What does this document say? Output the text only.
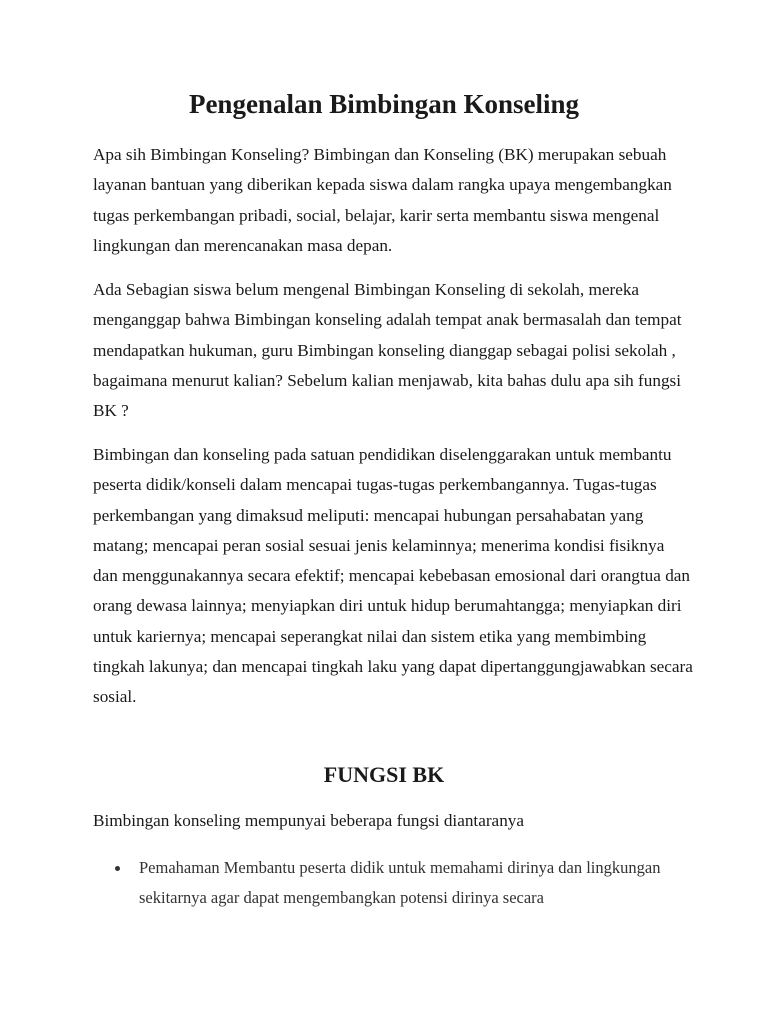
Pengenalan Bimbingan Konseling

Apa sih Bimbingan Konseling? Bimbingan dan Konseling (BK) merupakan sebuah layanan bantuan yang diberikan kepada siswa dalam rangka upaya mengembangkan tugas perkembangan pribadi, social, belajar, karir serta membantu siswa mengenal lingkungan dan merencanakan masa depan.

Ada Sebagian siswa belum mengenal Bimbingan Konseling di sekolah, mereka menganggap bahwa Bimbingan konseling adalah tempat anak bermasalah dan tempat mendapatkan hukuman, guru Bimbingan konseling dianggap sebagai polisi sekolah , bagaimana menurut kalian? Sebelum kalian menjawab, kita bahas dulu apa sih fungsi BK ?

Bimbingan dan konseling pada satuan pendidikan diselenggarakan untuk membantu peserta didik/konseli dalam mencapai tugas-tugas perkembangannya. Tugas-tugas perkembangan yang dimaksud meliputi: mencapai hubungan persahabatan yang matang; mencapai peran sosial sesuai jenis kelaminnya; menerima kondisi fisiknya dan menggunakannya secara efektif; mencapai kebebasan emosional dari orangtua dan orang dewasa lainnya; menyiapkan diri untuk hidup berumahtangga; menyiapkan diri untuk kariernya; mencapai seperangkat nilai dan sistem etika yang membimbing tingkah lakunya; dan mencapai tingkah laku yang dapat dipertanggungjawabkan secara sosial.

FUNGSI BK

Bimbingan konseling mempunyai beberapa fungsi diantaranya

Pemahaman Membantu peserta didik untuk memahami dirinya dan lingkungan sekitarnya agar dapat mengembangkan potensi dirinya secara
